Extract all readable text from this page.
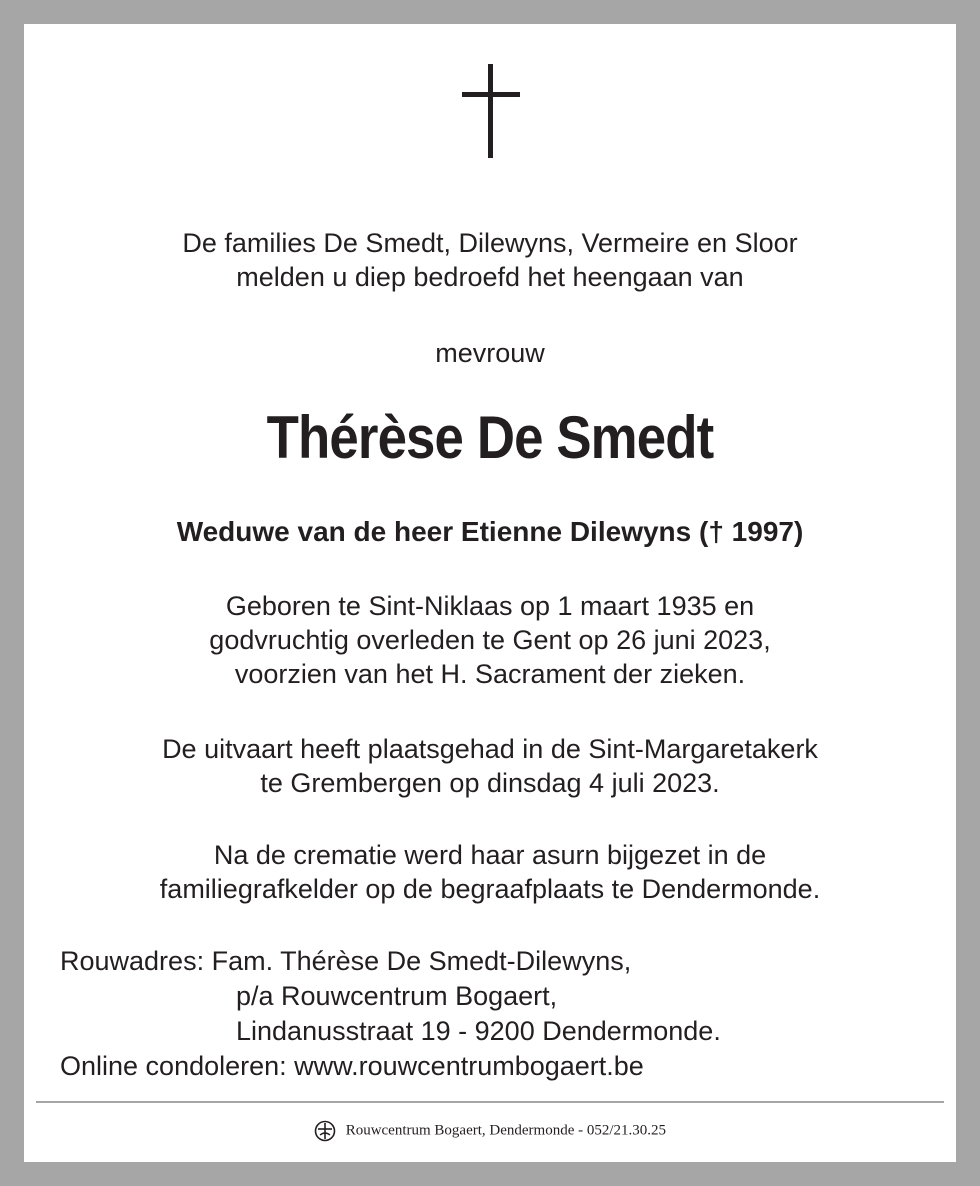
De families De Smedt, Dilewyns, Vermeire en Sloor
melden u diep bedroefd het heengaan van
mevrouw
Thérèse De Smedt
Weduwe van de heer Etienne Dilewyns († 1997)
Geboren te Sint-Niklaas op 1 maart 1935 en
godvruchtig overleden te Gent op 26 juni 2023,
voorzien van het H. Sacrament der zieken.
De uitvaart heeft plaatsgehad in de Sint-Margaretakerk
te Grembergen op dinsdag 4 juli 2023.
Na de crematie werd haar asurn bijgezet in de
familiegrafkelder op de begraafplaats te Dendermonde.
Rouwadres: Fam. Thérèse De Smedt-Dilewyns,
p/a Rouwcentrum Bogaert,
Lindanusstraat 19 - 9200 Dendermonde.
Online condoleren: www.rouwcentrumbogaert.be
Rouwcentrum Bogaert, Dendermonde - 052/21.30.25
